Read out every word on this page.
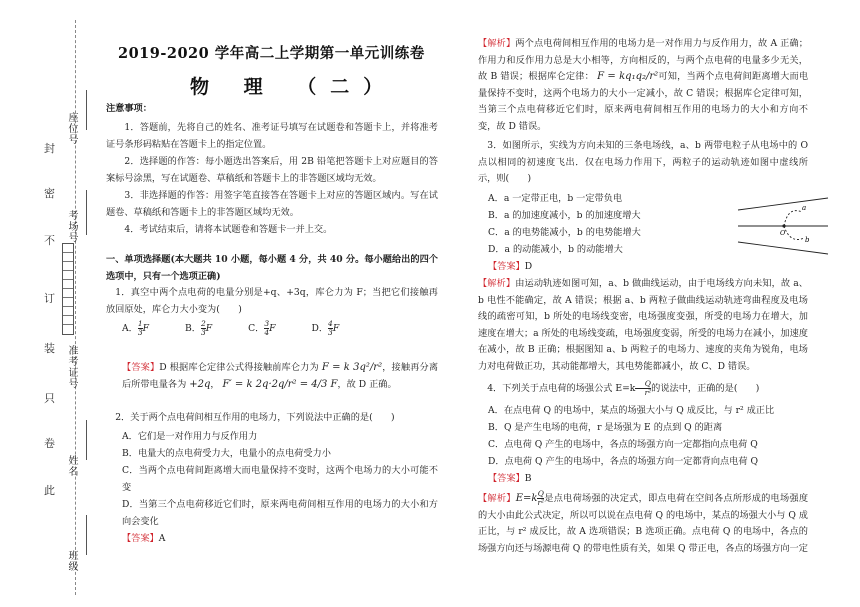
封
密
不
订
装
只
卷
此
座位号
考场号
准考证号
姓名
班级
2019-2020 学年高二上学期第一单元训练卷
物 理 （二）

注意事项：

1．答题前，先将自己的姓名、准考证号填写在试题卷和答题卡上，并将准考证号条形码粘贴在答题卡上的指定位置。

2．选择题的作答：每小题选出答案后，用 2B 铅笔把答题卡上对应题目的答案标号涂黑，写在试题卷、草稿纸和答题卡上的非答题区域均无效。

3．非选择题的作答：用签字笔直接答在答题卡上对应的答题区域内。写在试题卷、草稿纸和答题卡上的非答题区域均无效。

4．考试结束后，请将本试题卷和答题卡一并上交。

一、单项选择题(本大题共 10 小题，每小题 4 分，共 40 分。每小题给出的四个选项中，只有一个选项正确)

1．真空中两个点电荷的电量分别是+q、+3q，库仑力为 F；当把它们接触再放回原处，库仑力大小变为(　　)

A． $\frac{1}{3}$ F	B． $\frac{2}{3}$ F	C． $\frac{3}{4}$ F	D． $\frac{4}{3}$ F

【答案】D 根据库仑定律公式得接触前库仑力为 F = k 3q²/r²，接触再分离后所带电量各为 +2q， F′ = k 2q·2q/r² = 4/3 F，故 D 正确。

2．关于两个点电荷间相互作用的电场力，下列说法中正确的是(　　)

A．它们是一对作用力与反作用力

B．电量大的点电荷受力大，电量小的点电荷受力小

C．当两个点电荷间距离增大而电量保持不变时，这两个电场力的大小可能不变

D．当第三个点电荷移近它们时，原来两电荷间相互作用的电场力的大小和方向会变化

【答案】A

【解析】两个点电荷间相互作用的电场力是一对作用力与反作用力，故 A 正确；作用力和反作用力总是大小相等，方向相反的，与两个点电荷的电量多少无关，故 B 错误；根据库仑定律： F = kq₁q₂/r²可知，当两个点电荷间距离增大而电量保持不变时，这两个电场力的大小一定减小，故 C 错误；根据库仑定律可知，当第三个点电荷移近它们时，原来两电荷间相互作用的电场力的大小和方向不变，故 D 错误。

3．如图所示，实线为方向未知的三条电场线，a、b 两带电粒子从电场中的 O 点以相同的初速度飞出．仅在电场力作用下，两粒子的运动轨迹如图中虚线所示，则(　　)

A．a 一定带正电，b 一定带负电

B．a 的加速度减小，b 的加速度增大

C．a 的电势能减小，b 的电势能增大

D．a 的动能减小，b 的动能增大

【答案】D

【解析】由运动轨迹如图可知，a、b 做曲线运动，由于电场线方向未知，故 a、b 电性不能确定，故 A 错误；根据 a、b 两粒子做曲线运动轨迹弯曲程度及电场线的疏密可知，b 所处的电场线变密，电场强度变强，所受的电场力在增大，加速度在增大；a 所处的电场线变疏，电场强度变弱，所受的电场力在减小，加速度在减小，故 B 正确；根据图知 a、b 两粒子的电场力、速度的夹角为锐角，电场力对电荷做正功，其动能都增大，其电势能都减小，故 C、D 错误。

4．下列关于点电荷的场强公式 $E=k \frac{Q}{\text{r²}}$ 的说法中，正确的是(　　)

A．在点电荷 Q 的电场中，某点的场强大小与 Q 成反比，与 r² 成正比

B．Q 是产生电场的电荷，r 是场强为 E 的点到 Q 的距离

C．点电荷 Q 产生的电场中，各点的场强方向一定都指向点电荷 Q

D．点电荷 Q 产生的电场中，各点的场强方向一定都背向点电荷 Q

【答案】B

【解析】$E=k \frac{Q}{\text{r²}}$ 是点电荷场强的决定式，即点电荷在空间各点所形成的电场强度的大小由此公式决定，所以可以说在点电荷 Q 的电场中，某点的场强大小与 Q 成正比，与 r² 成反比，故 A 选项错误；B 选项正确。点电荷 Q 的电场中，各点的场强方向还与场源电荷 Q 的带电性质有关，如果 Q 带正电，各点的场强方向一定

a
b
O
